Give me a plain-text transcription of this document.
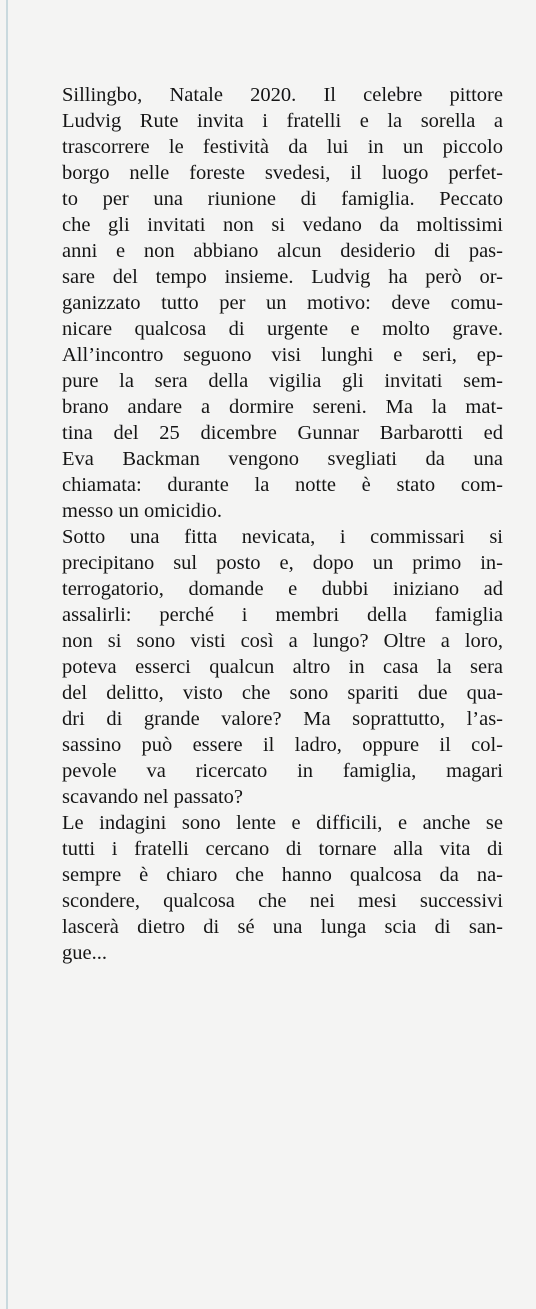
Sillingbo, Natale 2020. Il celebre pittore
Ludvig Rute invita i fratelli e la sorella a
trascorrere le festività da lui in un piccolo
borgo nelle foreste svedesi, il luogo perfet-
to per una riunione di famiglia. Peccato
che gli invitati non si vedano da moltissimi
anni e non abbiano alcun desiderio di pas-
sare del tempo insieme. Ludvig ha però or-
ganizzato tutto per un motivo: deve comu-
nicare qualcosa di urgente e molto grave.
All’incontro seguono visi lunghi e seri, ep-
pure la sera della vigilia gli invitati sem-
brano andare a dormire sereni. Ma la mat-
tina del 25 dicembre Gunnar Barbarotti ed
Eva Backman vengono svegliati da una
chiamata: durante la notte è stato com-
messo un omicidio.
Sotto una fitta nevicata, i commissari si
precipitano sul posto e, dopo un primo in-
terrogatorio, domande e dubbi iniziano ad
assalirli: perché i membri della famiglia
non si sono visti così a lungo? Oltre a loro,
poteva esserci qualcun altro in casa la sera
del delitto, visto che sono spariti due qua-
dri di grande valore? Ma soprattutto, l’as-
sassino può essere il ladro, oppure il col-
pevole va ricercato in famiglia, magari
scavando nel passato?
Le indagini sono lente e difficili, e anche se
tutti i fratelli cercano di tornare alla vita di
sempre è chiaro che hanno qualcosa da na-
scondere, qualcosa che nei mesi successivi
lascerà dietro di sé una lunga scia di san-
gue...
